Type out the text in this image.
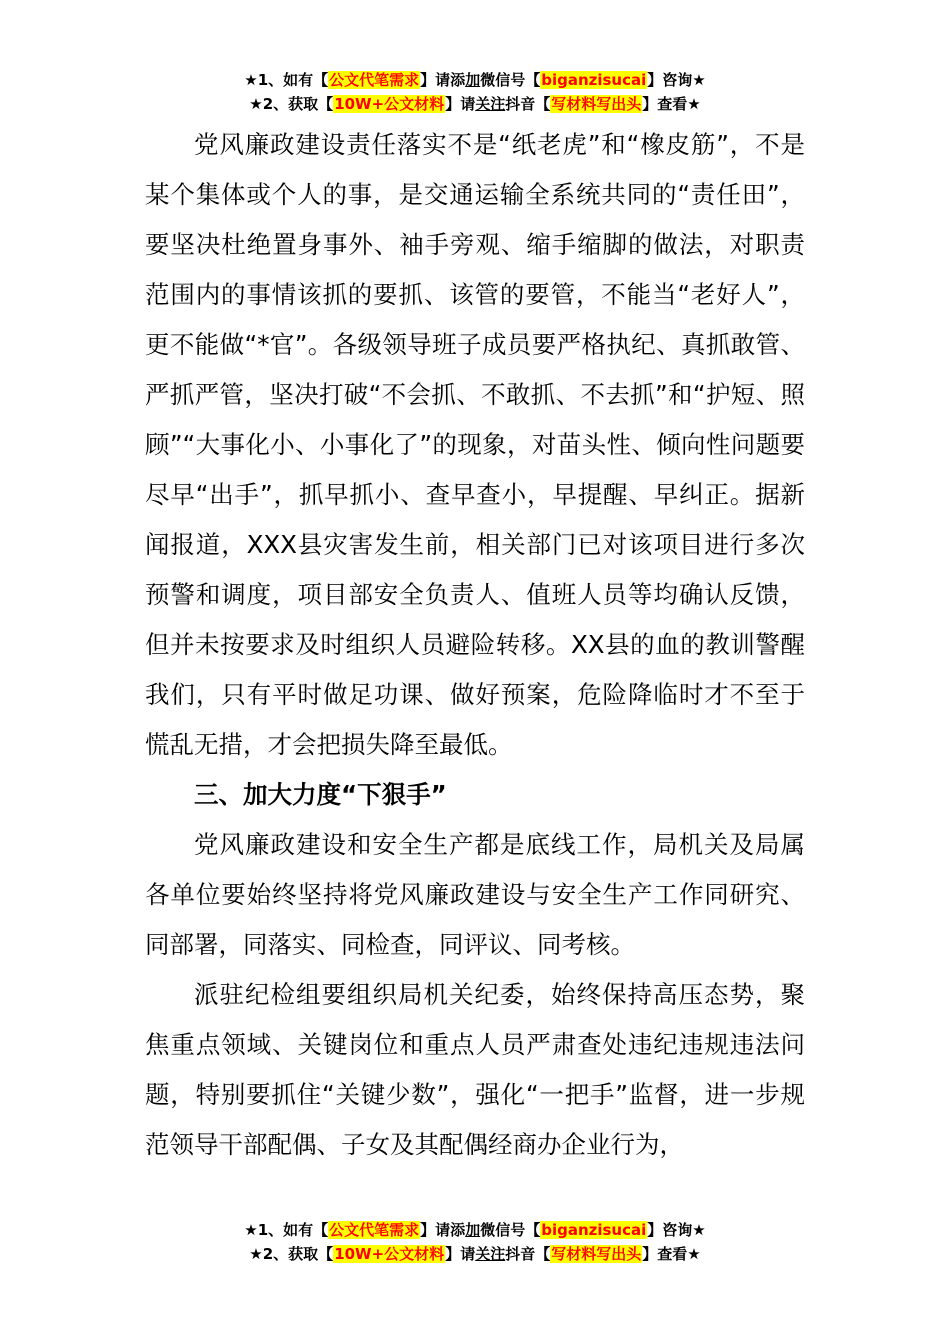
★1、如有【公文代笔需求】请添加微信号【biganzisucai】咨询★
★2、获取【10W+公文材料】请关注抖音【写材料写出头】查看★

党风廉政建设责任落实不是“纸老虎”和“橡皮筋”，不是某个集体或个人的事，是交通运输全系统共同的“责任田”，要坚决杜绝置身事外、袖手旁观、缩手缩脚的做法，对职责范围内的事情该抓的要抓、该管的要管，不能当“老好人”，更不能做“*官”。各级领导班子成员要严格执纪、真抓敢管、严抓严管，坚决打破“不会抓、不敢抓、不去抓”和“护短、照顾”“大事化小、小事化了”的现象，对苗头性、倾向性问题要尽早“出手”，抓早抓小、查早查小，早提醒、早纠正。据新闻报道，XXX县灾害发生前，相关部门已对该项目进行多次预警和调度，项目部安全负责人、值班人员等均确认反馈，但并未按要求及时组织人员避险转移。XX县的血的教训警醒我们，只有平时做足功课、做好预案，危险降临时才不至于慌乱无措，才会把损失降至最低。

三、加大力度“下狠手”

党风廉政建设和安全生产都是底线工作，局机关及局属各单位要始终坚持将党风廉政建设与安全生产工作同研究、同部署，同落实、同检查，同评议、同考核。

派驻纪检组要组织局机关纪委，始终保持高压态势，聚焦重点领域、关键岗位和重点人员严肃查处违纪违规违法问题，特别要抓住“关键少数”，强化“一把手”监督，进一步规范领导干部配偶、子女及其配偶经商办企业行为，

★1、如有【公文代笔需求】请添加微信号【biganzisucai】咨询★
★2、获取【10W+公文材料】请关注抖音【写材料写出头】查看★
